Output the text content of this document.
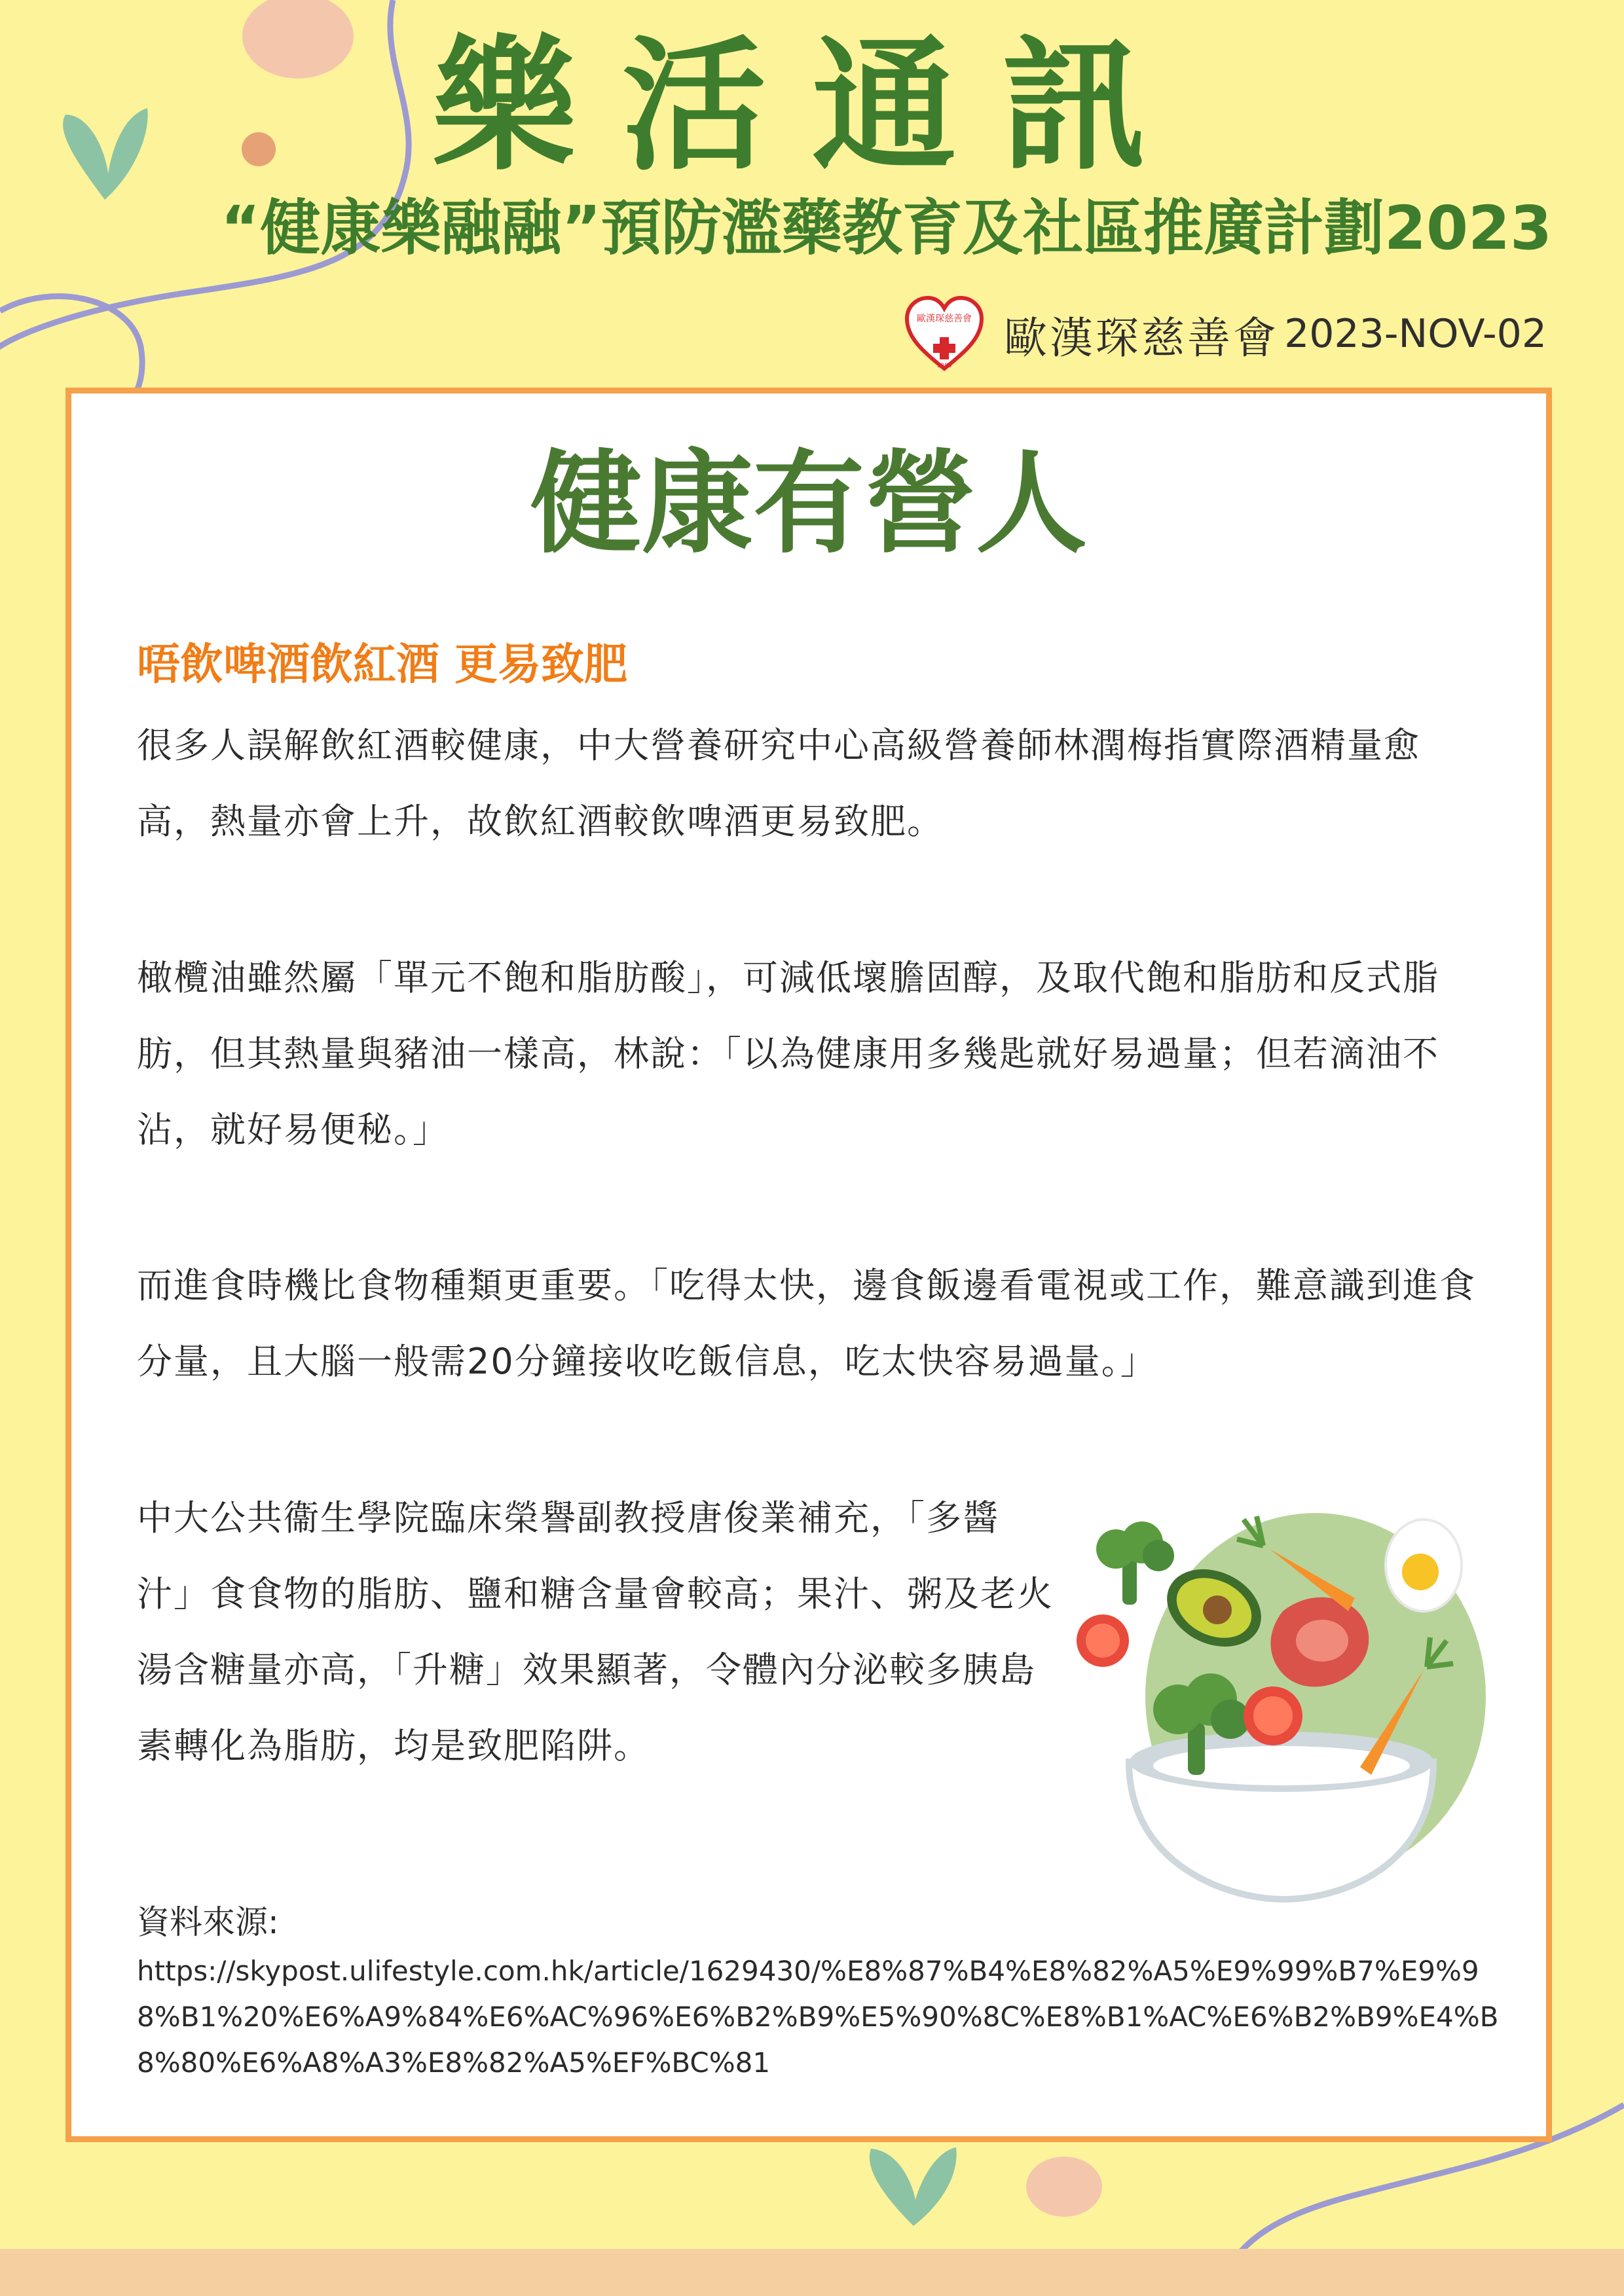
樂活通訊
“健康樂融融”預防濫藥教育及社區推廣計劃2023
歐漢琛慈善會
1989
歐漢琛慈善會 2023-NOV-02
健康有營人
唔飲啤酒飲紅酒 更易致肥
很多人誤解飲紅酒較健康，中大營養研究中心高級營養師林潤梅指實際酒精量愈高，熱量亦會上升，故飲紅酒較飲啤酒更易致肥。
橄欖油雖然屬「單元不飽和脂肪酸」，可減低壞膽固醇，及取代飽和脂肪和反式脂肪，但其熱量與豬油一樣高，林說：「以為健康用多幾匙就好易過量；但若滴油不沾，就好易便秘。」
而進食時機比食物種類更重要。「吃得太快，邊食飯邊看電視或工作，難意識到進食分量，且大腦一般需20分鐘接收吃飯信息，吃太快容易過量。」
中大公共衞生學院臨床榮譽副教授唐俊業補充，「多醬汁」食食物的脂肪、鹽和糖含量會較高；果汁、粥及老火湯含糖量亦高，「升糖」效果顯著，令體內分泌較多胰島素轉化為脂肪，均是致肥陷阱。
資料來源:
https://skypost.ulifestyle.com.hk/article/1629430/%E8%87%B4%E8%82%A5%E9%99%B7%E9%98%B1%20%E6%A9%84%E6%AC%96%E6%B2%B9%E5%90%8C%E8%B1%AC%E6%B2%B9%E4%B8%80%E6%A8%A3%E8%82%A5%EF%BC%81
